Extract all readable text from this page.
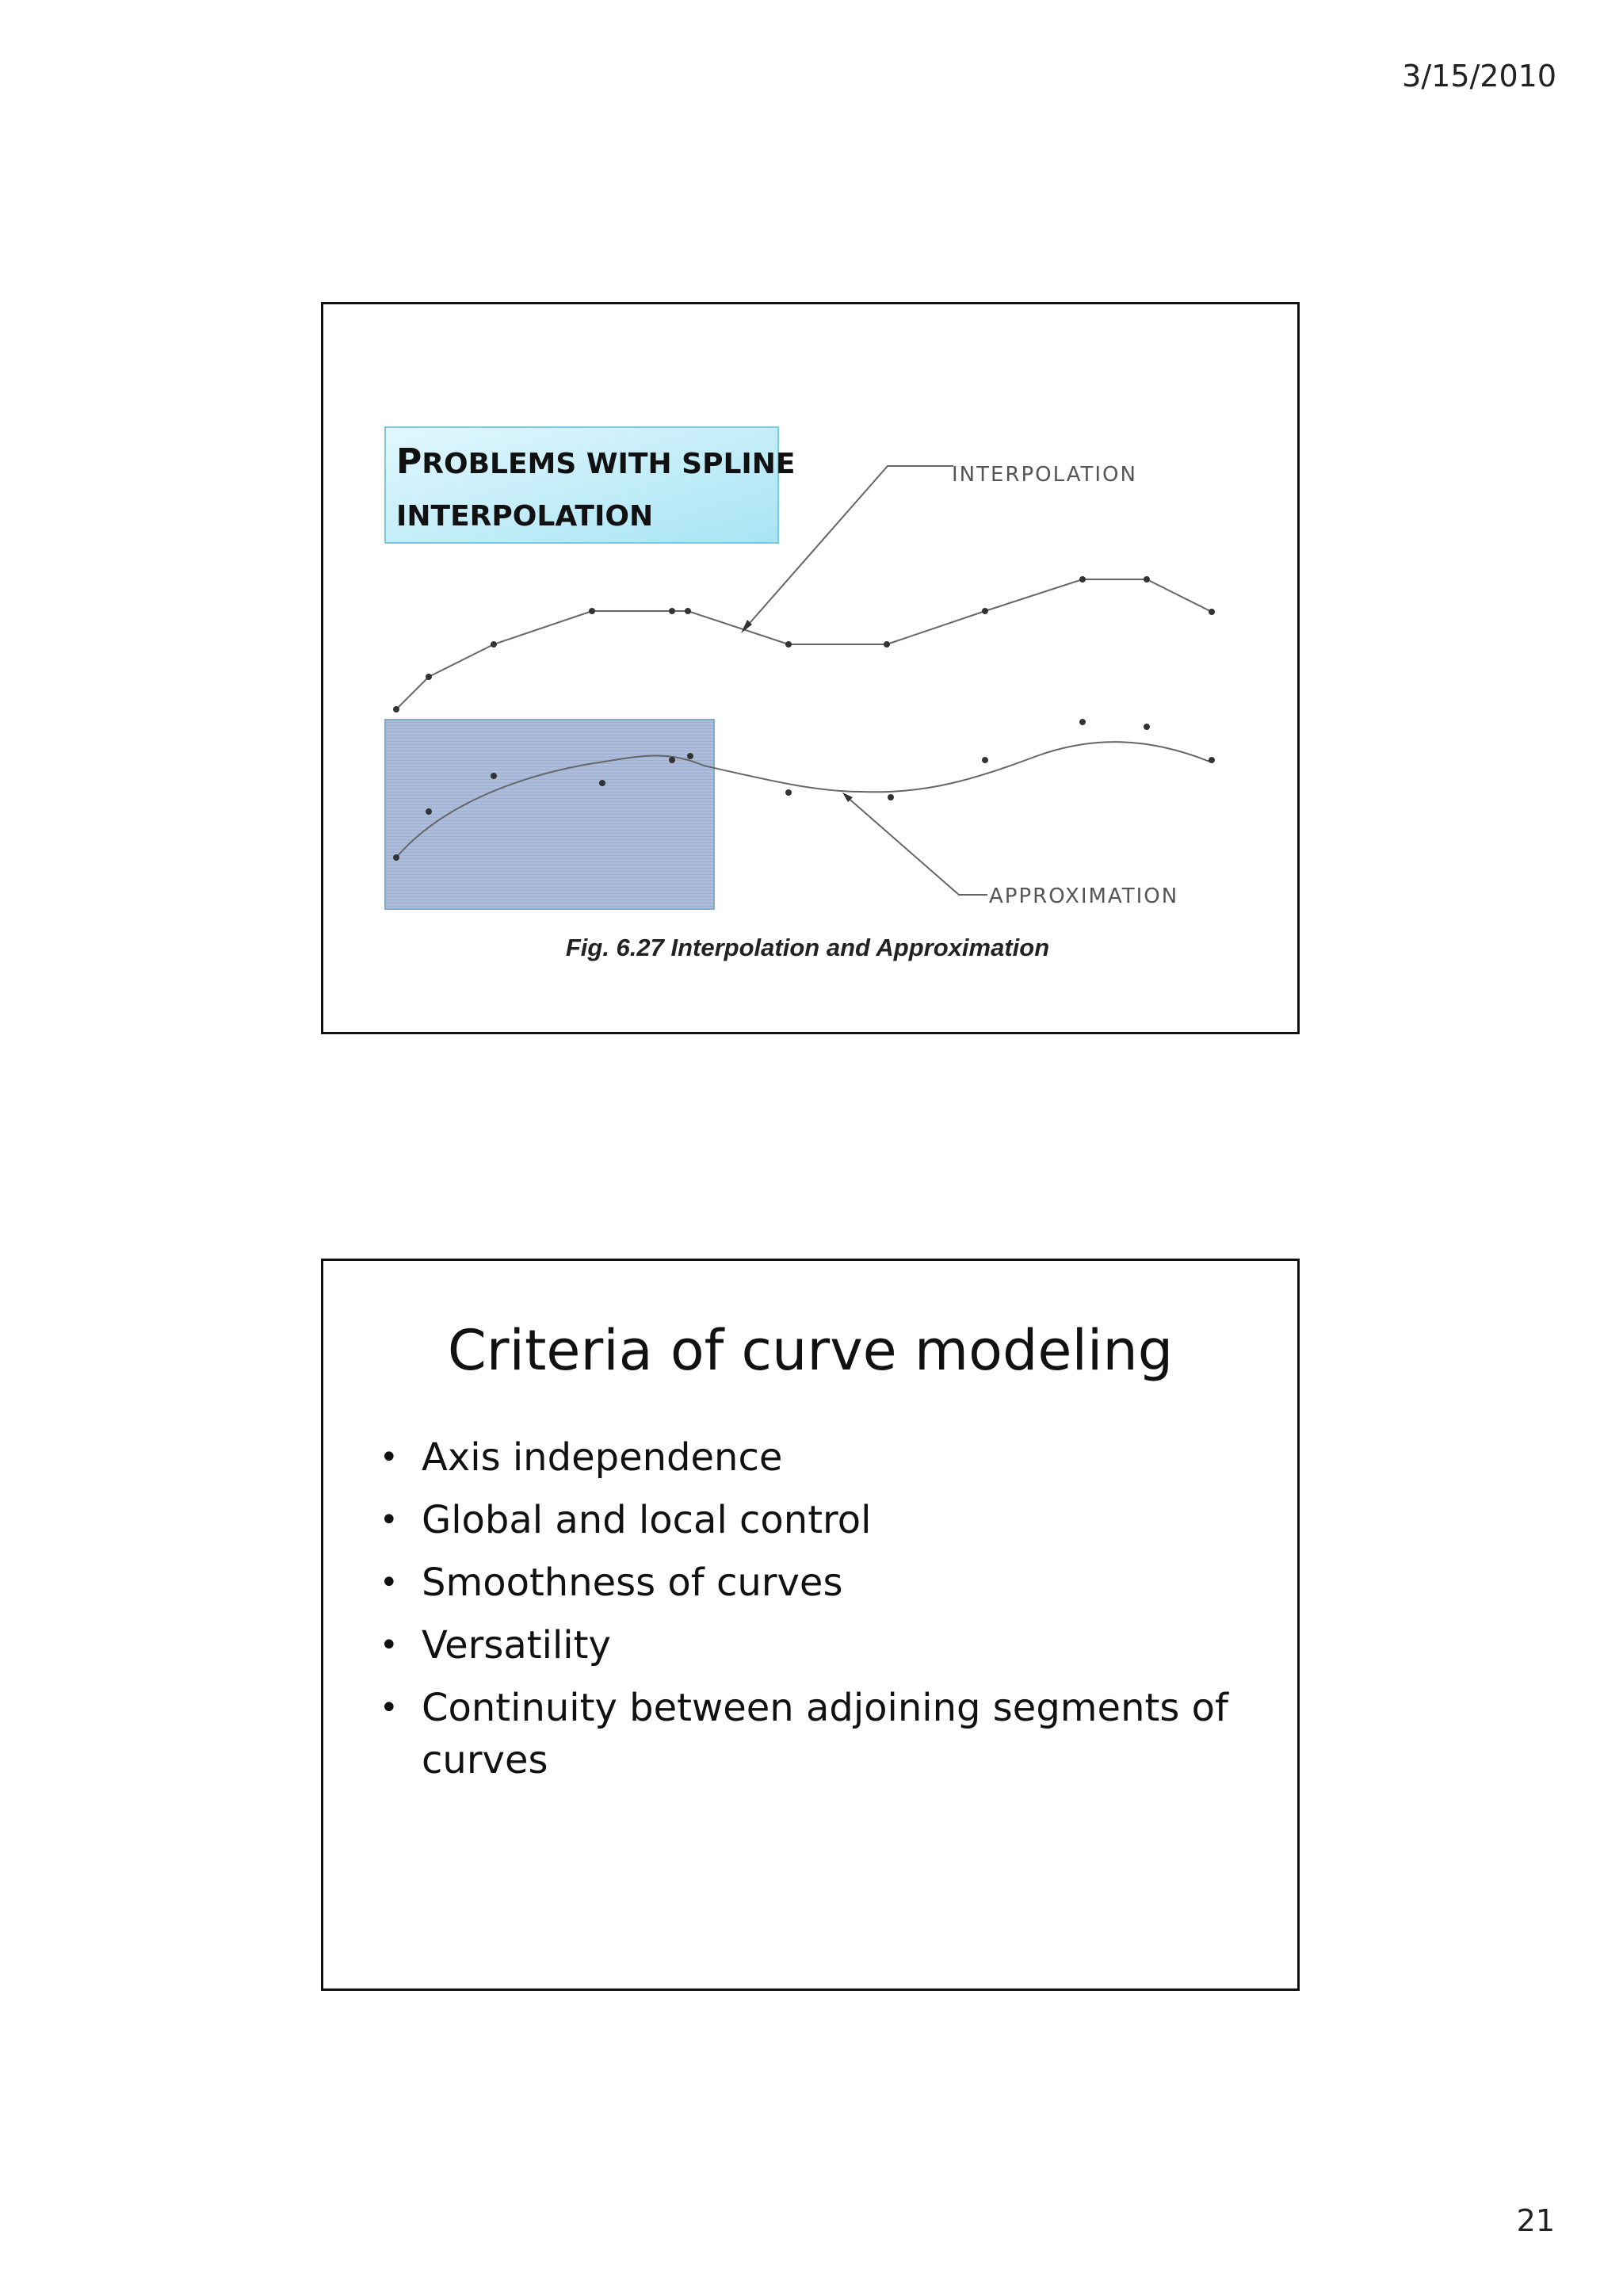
3/15/2010
PROBLEMS WITH SPLINE
INTERPOLATION
INTERPOLATION
APPROXIMATION
Fig. 6.27 Interpolation and Approximation
Criteria of curve modeling
• Axis independence
• Global and local control
• Smoothness of curves
• Versatility
• Continuity between adjoining segments of curves
21
